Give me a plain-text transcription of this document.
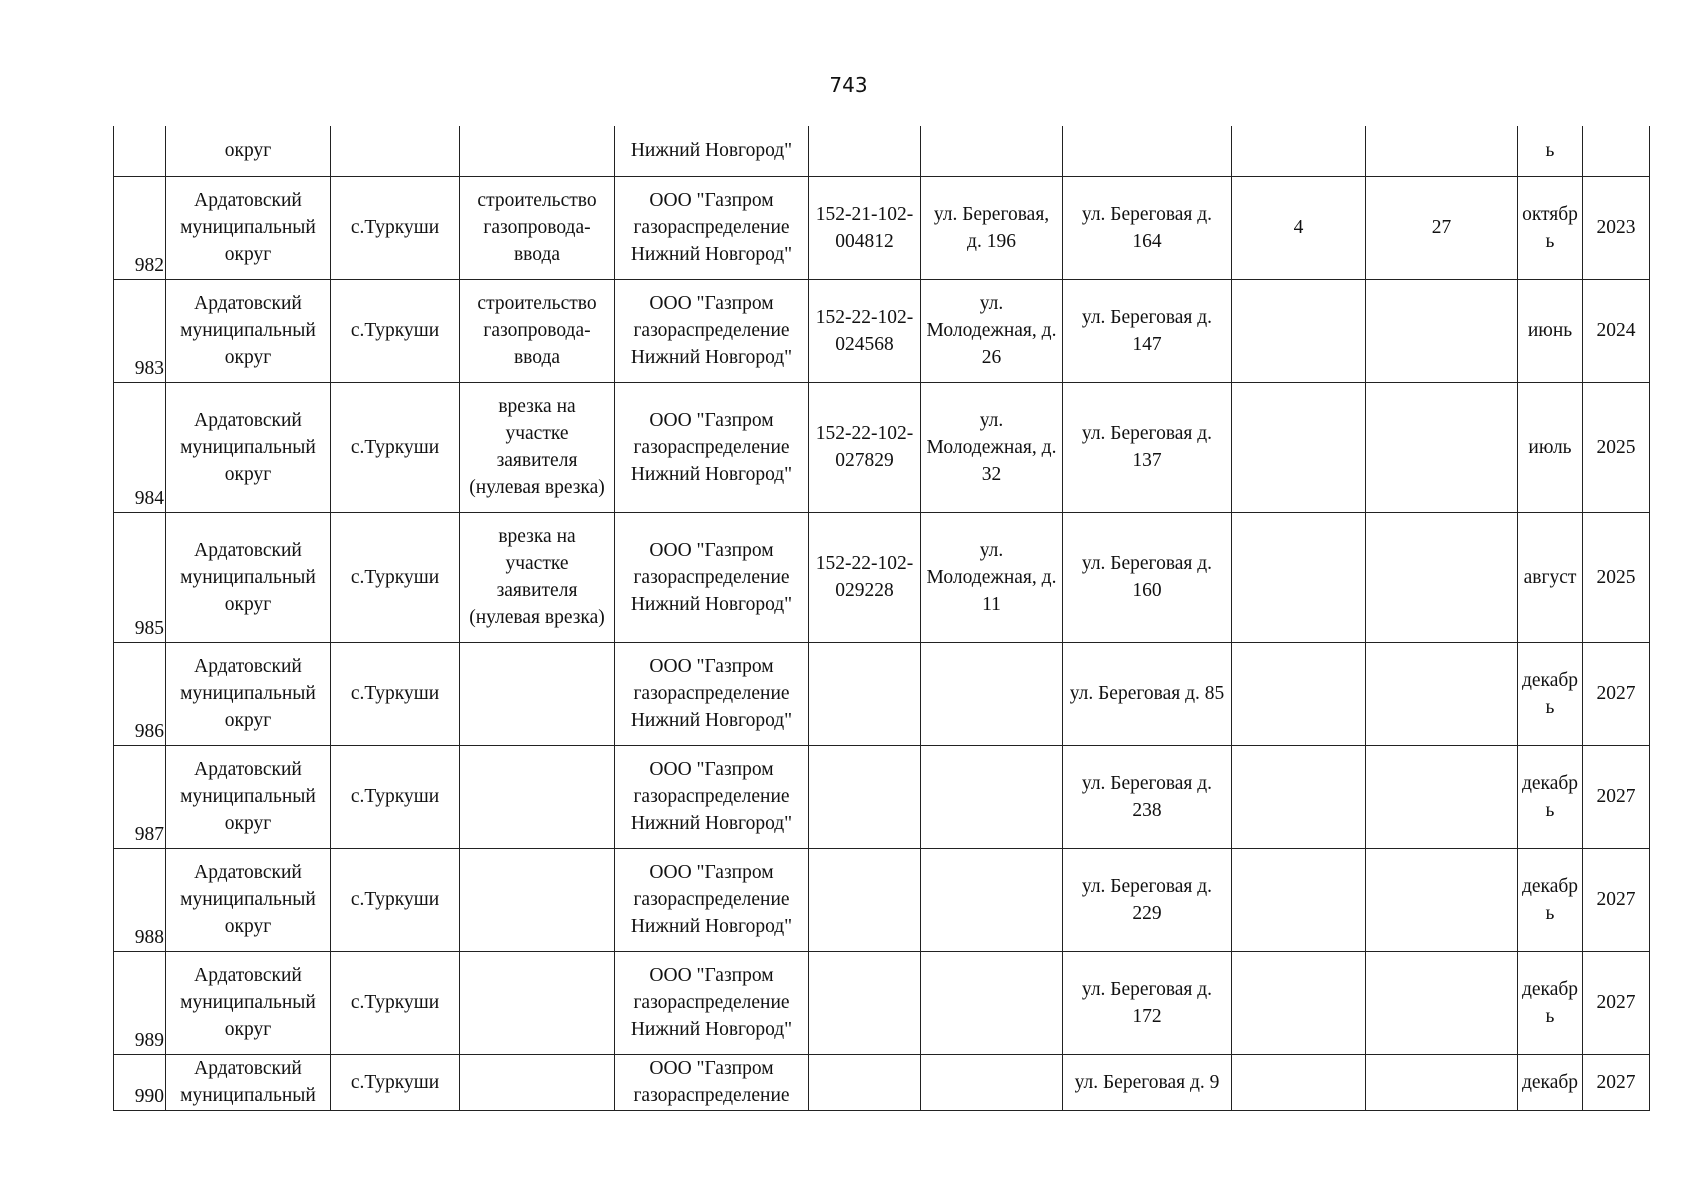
743

	округ			Нижний Новгород"						ь	

982	Ардатовский
муниципальный
округ	с.Туркуши	строительство
газопровода-
ввода	ООО "Газпром
газораспределение
Нижний Новгород"	152-21-102-
004812	ул. Береговая,
д. 196	ул. Береговая д.
164	4	27	октябр
ь	2023

983	Ардатовский
муниципальный
округ	с.Туркуши	строительство
газопровода-
ввода	ООО "Газпром
газораспределение
Нижний Новгород"	152-22-102-
024568	ул.
Молодежная, д.
26	ул. Береговая д.
147			июнь	2024

984	Ардатовский
муниципальный
округ	с.Туркуши	врезка на
участке
заявителя
(нулевая врезка)	ООО "Газпром
газораспределение
Нижний Новгород"	152-22-102-
027829	ул.
Молодежная, д.
32	ул. Береговая д.
137			июль	2025

985	Ардатовский
муниципальный
округ	с.Туркуши	врезка на
участке
заявителя
(нулевая врезка)	ООО "Газпром
газораспределение
Нижний Новгород"	152-22-102-
029228	ул.
Молодежная, д.
11	ул. Береговая д.
160			август	2025

986	Ардатовский
муниципальный
округ	с.Туркуши		ООО "Газпром
газораспределение
Нижний Новгород"			ул. Береговая д. 85			декабр
ь	2027

987	Ардатовский
муниципальный
округ	с.Туркуши		ООО "Газпром
газораспределение
Нижний Новгород"			ул. Береговая д.
238			декабр
ь	2027

988	Ардатовский
муниципальный
округ	с.Туркуши		ООО "Газпром
газораспределение
Нижний Новгород"			ул. Береговая д.
229			декабр
ь	2027

989	Ардатовский
муниципальный
округ	с.Туркуши		ООО "Газпром
газораспределение
Нижний Новгород"			ул. Береговая д.
172			декабр
ь	2027

990	Ардатовский
муниципальный	с.Туркуши		ООО "Газпром
газораспределение			ул. Береговая д. 9			декабр	2027
